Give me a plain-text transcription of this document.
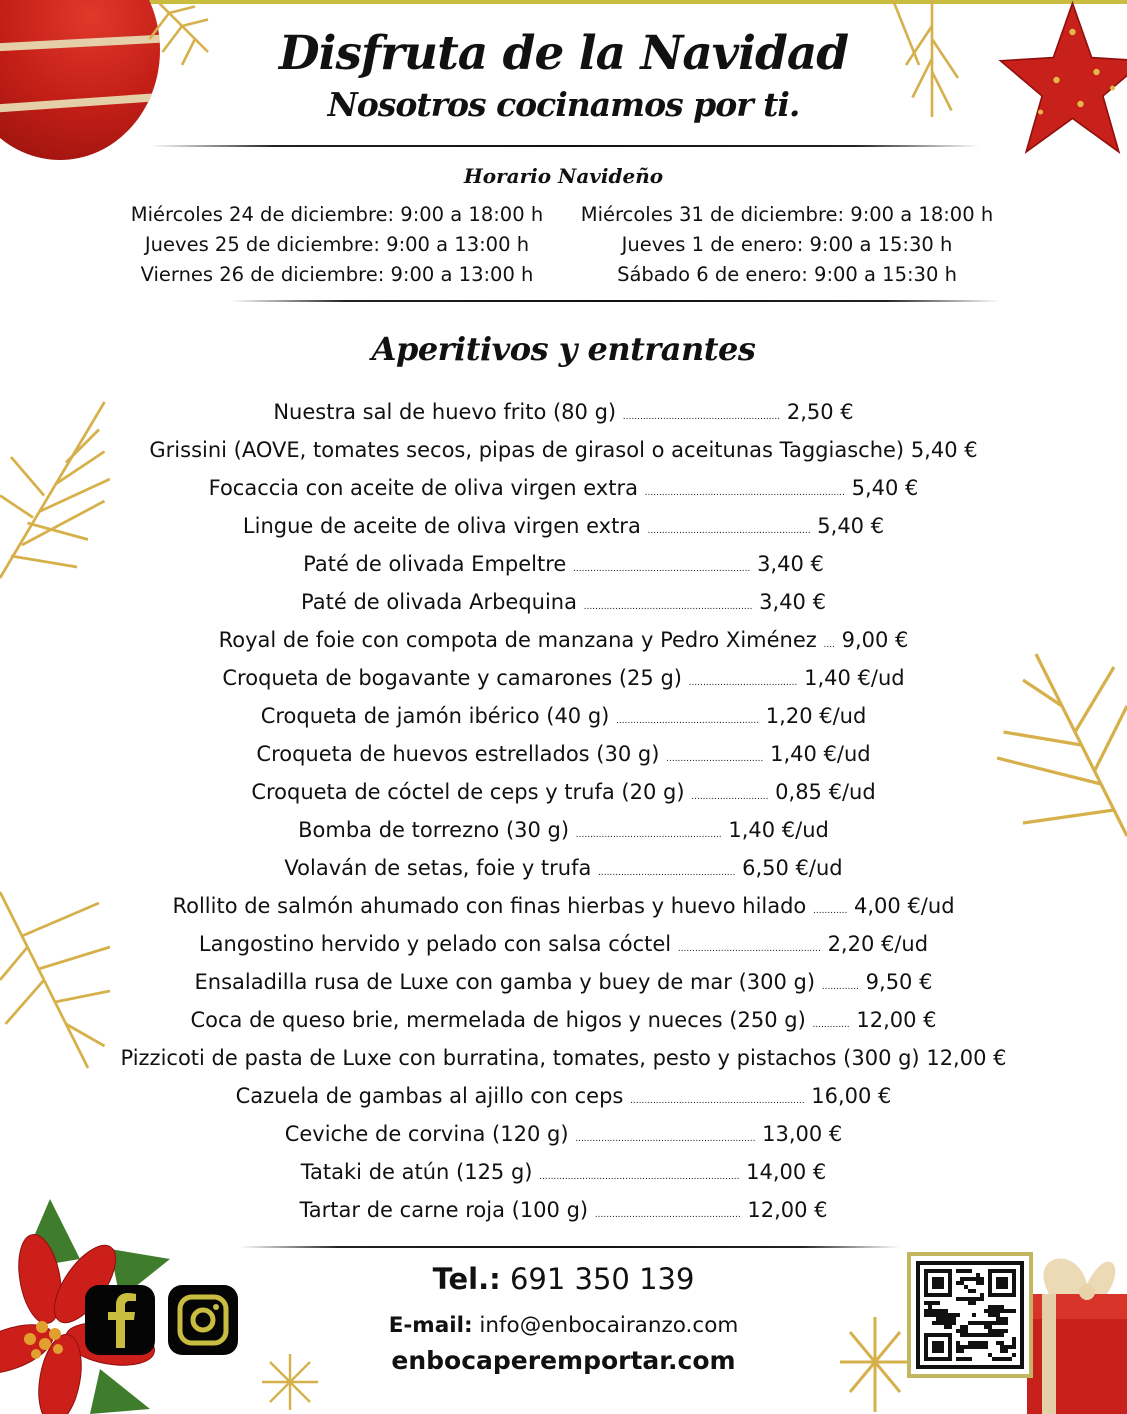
Disfruta de la Navidad
Nosotros cocinamos por ti.
Horario Navideño
Miércoles 24 de diciembre: 9:00 a 18:00 h
Jueves 25 de diciembre: 9:00 a 13:00 h
Viernes 26 de diciembre: 9:00 a 13:00 h
Miércoles 31 de diciembre: 9:00 a 18:00 h
Jueves 1 de enero: 9:00 a 15:30 h
Sábado 6 de enero: 9:00 a 15:30 h
Aperitivos y entrantes
Nuestra sal de huevo frito (80 g) ....................................................... 2,50 €
Grissini (AOVE, tomates secos, pipas de girasol o aceitunas Taggiasche) 5,40 €
Focaccia con aceite de oliva virgen extra ...................................................................... 5,40 €
Lingue de aceite de oliva virgen extra ......................................................... 5,40 €
Paté de olivada Empeltre .............................................................. 3,40 €
Paté de olivada Arbequina ........................................................... 3,40 €
Royal de foie con compota de manzana y Pedro Ximénez .... 9,00 €
Croqueta de bogavante y camarones (25 g) ...................................... 1,40 €/ud
Croqueta de jamón ibérico (40 g) .................................................. 1,20 €/ud
Croqueta de huevos estrellados (30 g) .................................. 1,40 €/ud
Croqueta de cóctel de ceps y trufa (20 g) ........................... 0,85 €/ud
Bomba de torrezno (30 g) ................................................... 1,40 €/ud
Volaván de setas, foie y trufa ................................................ 6,50 €/ud
Rollito de salmón ahumado con finas hierbas y huevo hilado ............ 4,00 €/ud
Langostino hervido y pelado con salsa cóctel .................................................. 2,20 €/ud
Ensaladilla rusa de Luxe con gamba y buey de mar (300 g) ............. 9,50 €
Coca de queso brie, mermelada de higos y nueces (250 g) ............. 12,00 €
Pizzicoti de pasta de Luxe con burratina, tomates, pesto y pistachos (300 g) 12,00 €
Cazuela de gambas al ajillo con ceps ............................................................. 16,00 €
Ceviche de corvina (120 g) ............................................................... 13,00 €
Tataki de atún (125 g) ...................................................................... 14,00 €
Tartar de carne roja (100 g) ................................................... 12,00 €
Tel.: 691 350 139
E-mail: info@enbocairanzo.com
enbocaperemportar.com
